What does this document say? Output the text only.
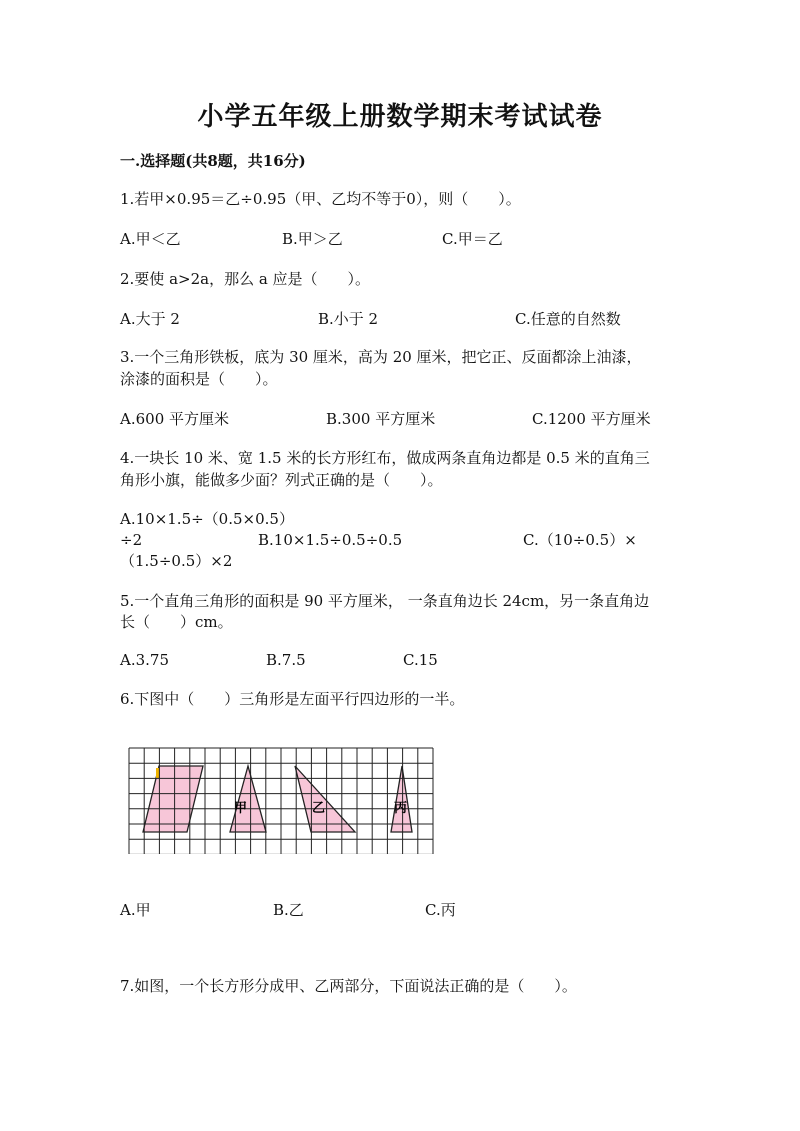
小学五年级上册数学期末考试试卷
一.选择题(共8题，共16分)
1.若甲×0.95＝乙÷0.95（甲、乙均不等于0），则（　　）。
A.甲＜乙	B.甲＞乙	C.甲＝乙
2.要使 a>2a，那么 a 应是（　　）。
A.大于 2	B.小于 2	C.任意的自然数
3.一个三角形铁板，底为 30 厘米，高为 20 厘米，把它正、反面都涂上油漆，
涂漆的面积是（　　）。
A.600 平方厘米	B.300 平方厘米	C.1200 平方厘米
4.一块长 10 米、宽 1.5 米的长方形红布，做成两条直角边都是 0.5 米的直角三
角形小旗，能做多少面？列式正确的是（　　）。
A.10×1.5÷（0.5×0.5）
÷2	B.10×1.5÷0.5÷0.5	C.（10÷0.5）×
（1.5÷0.5）×2
5.一个直角三角形的面积是 90 平方厘米， 一条直角边长 24cm，另一条直角边
长（　　）cm。
A.3.75	B.7.5	C.15
6.下图中（　　）三角形是左面平行四边形的一半。
甲	乙	丙
A.甲	B.乙	C.丙
7.如图，一个长方形分成甲、乙两部分，下面说法正确的是（　　）。
